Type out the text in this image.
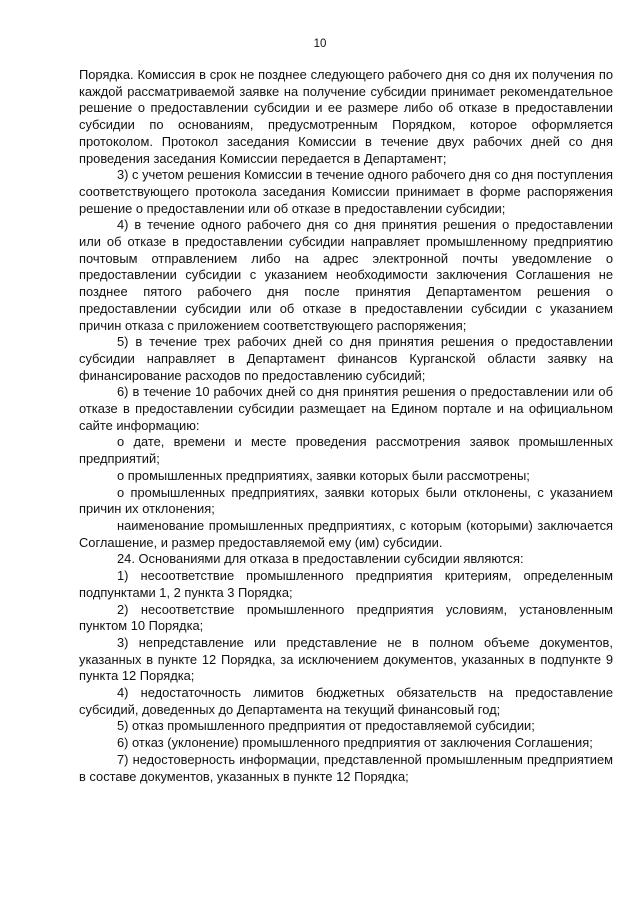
10

Порядка. Комиссия в срок не позднее следующего рабочего дня со дня их получения по каждой рассматриваемой заявке на получение субсидии принимает рекомендательное решение о предоставлении субсидии и ее размере либо об отказе в предоставлении субсидии по основаниям, предусмотренным Порядком, которое оформляется протоколом. Протокол заседания Комиссии в течение двух рабочих дней со дня проведения заседания Комиссии передается в Департамент;

3) с учетом решения Комиссии в течение одного рабочего дня со дня поступления соответствующего протокола заседания Комиссии принимает в форме распоряжения решение о предоставлении или об отказе в предоставлении субсидии;

4) в течение одного рабочего дня со дня принятия решения о предоставлении или об отказе в предоставлении субсидии направляет промышленному предприятию почтовым отправлением либо на адрес электронной почты уведомление о предоставлении субсидии с указанием необходимости заключения Соглашения не позднее пятого рабочего дня после принятия Департаментом решения о предоставлении субсидии или об отказе в предоставлении субсидии с указанием причин отказа с приложением соответствующего распоряжения;

5) в течение трех рабочих дней со дня принятия решения о предоставлении субсидии направляет в Департамент финансов Курганской области заявку на финансирование расходов по предоставлению субсидий;

6) в течение 10 рабочих дней со дня принятия решения о предоставлении или об отказе в предоставлении субсидии размещает на Едином портале и на официальном сайте информацию:

о дате, времени и месте проведения рассмотрения заявок промышленных предприятий;

о промышленных предприятиях, заявки которых были рассмотрены;

о промышленных предприятиях, заявки которых были отклонены, с указанием причин их отклонения;

наименование промышленных предприятиях, с которым (которыми) заключается Соглашение, и размер предоставляемой ему (им) субсидии.

24. Основаниями для отказа в предоставлении субсидии являются:

1) несоответствие промышленного предприятия критериям, определенным подпунктами 1, 2 пункта 3 Порядка;

2) несоответствие промышленного предприятия условиям, установленным пунктом 10 Порядка;

3) непредставление или представление не в полном объеме документов, указанных в пункте 12 Порядка, за исключением документов, указанных в подпункте 9 пункта 12 Порядка;

4) недостаточность лимитов бюджетных обязательств на предоставление субсидий, доведенных до Департамента на текущий финансовый год;

5) отказ промышленного предприятия от предоставляемой субсидии;

6) отказ (уклонение) промышленного предприятия от заключения Соглашения;

7) недостоверность информации, представленной промышленным предприятием в составе документов, указанных в пункте 12 Порядка;
